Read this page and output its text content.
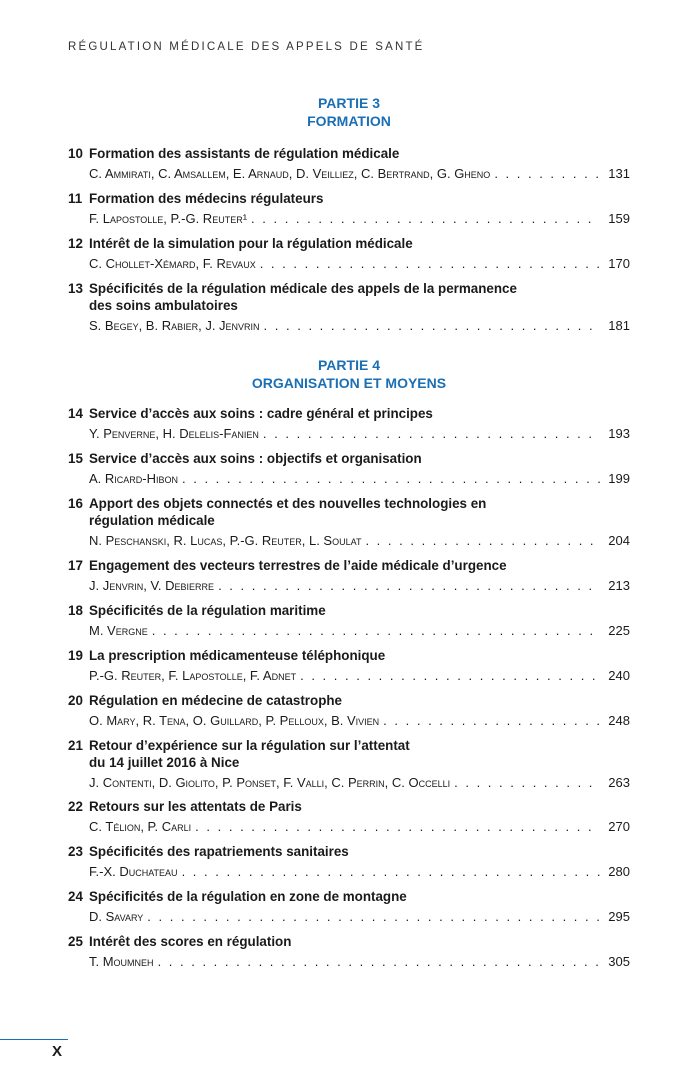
RÉGULATION MÉDICALE DES APPELS DE SANTÉ
PARTIE 3
FORMATION
10 Formation des assistants de régulation médicale
C. Ammirati, C. Amsallem, E. Arnaud, D. Veilliez, C. Bertrand, G. Gheno . . .	131
11 Formation des médecins régulateurs
F. Lapostolle, P.-G. Reuter¹ . . .	159
12 Intérêt de la simulation pour la régulation médicale
C. Chollet-Xémard, F. Revaux . . .	170
13 Spécificités de la régulation médicale des appels de la permanence des soins ambulatoires
S. Begey, B. Rabier, J. Jenvrin . . .	181
PARTIE 4
ORGANISATION ET MOYENS
14 Service d’accès aux soins : cadre général et principes
Y. Penverne, H. Delelis-Fanien . . .	193
15 Service d’accès aux soins : objectifs et organisation
A. Ricard-Hibon . . .	199
16 Apport des objets connectés et des nouvelles technologies en régulation médicale
N. Peschanski, R. Lucas, P.-G. Reuter, L. Soulat . . .	204
17 Engagement des vecteurs terrestres de l’aide médicale d’urgence
J. Jenvrin, V. Debierre . . .	213
18 Spécificités de la régulation maritime
M. Vergne . . .	225
19 La prescription médicamenteuse téléphonique
P.-G. Reuter, F. Lapostolle, F. Adnet . . .	240
20 Régulation en médecine de catastrophe
O. Mary, R. Tena, O. Guillard, P. Pelloux, B. Vivien . . .	248
21 Retour d’expérience sur la régulation sur l’attentat du 14 juillet 2016 à Nice
J. Contenti, D. Giolito, P. Ponset, F. Valli, C. Perrin, C. Occelli . . .	263
22 Retours sur les attentats de Paris
C. Télion, P. Carli . . .	270
23 Spécificités des rapatriements sanitaires
F.-X. Duchateau . . .	280
24 Spécificités de la régulation en zone de montagne
D. Savary . . .	295
25 Intérêt des scores en régulation
T. Moumneh . . .	305
X
